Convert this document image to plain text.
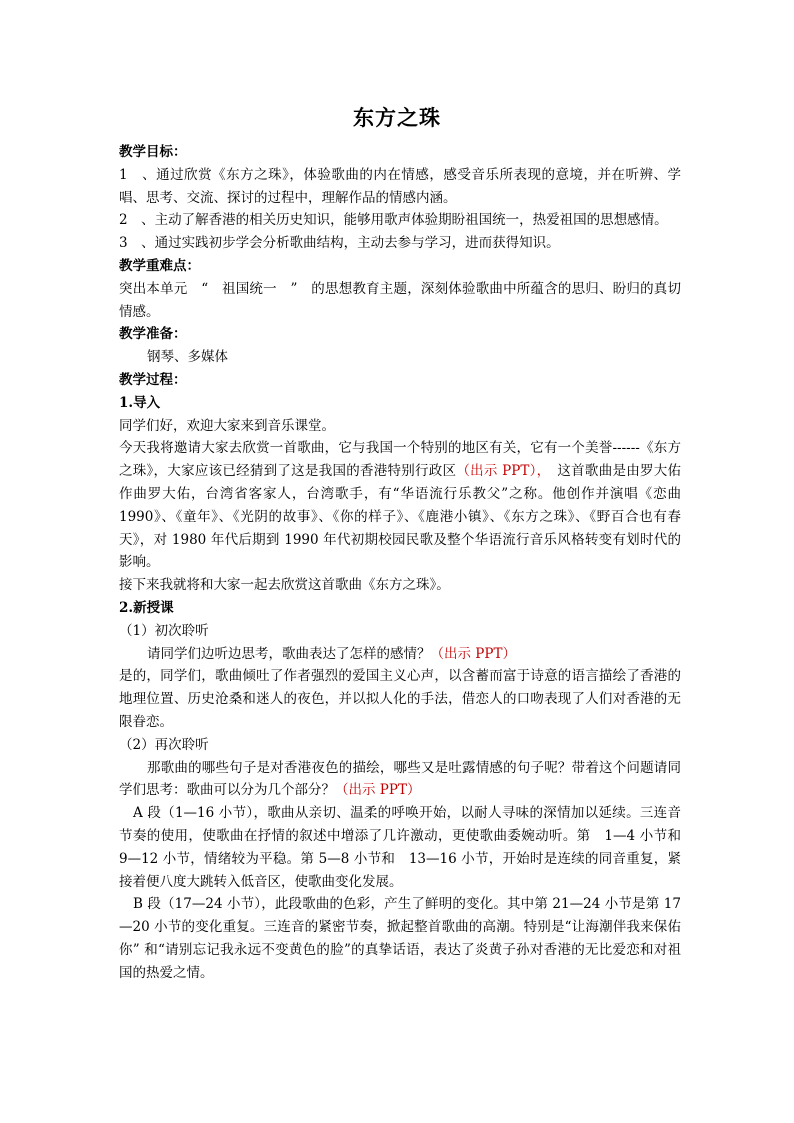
东方之珠

教学目标：

1　、通过欣赏《东方之珠》，体验歌曲的内在情感，感受音乐所表现的意境，并在听辨、学唱、思考、交流、探讨的过程中，理解作品的情感内涵。

2　、主动了解香港的相关历史知识，能够用歌声体验期盼祖国统一，热爱祖国的思想感情。

3　、通过实践初步学会分析歌曲结构，主动去参与学习，进而获得知识。

教学重难点：

突出本单元　“　祖国统一　”　的思想教育主题，深刻体验歌曲中所蕴含的思归、盼归的真切情感。

教学准备：

钢琴、多媒体

教学过程：

1.导入

同学们好，欢迎大家来到音乐课堂。

今天我将邀请大家去欣赏一首歌曲，它与我国一个特别的地区有关，它有一个美誉------《东方之珠》，大家应该已经猜到了这是我国的香港特别行政区（出示 PPT），　这首歌曲是由罗大佑作曲罗大佑，台湾省客家人，台湾歌手，有“华语流行乐教父”之称。他创作并演唱《恋曲 1990》、《童年》、《光阴的故事》、《你的样子》、《鹿港小镇》、《东方之珠》、《野百合也有春天》，对 1980 年代后期到 1990 年代初期校园民歌及整个华语流行音乐风格转变有划时代的影响。

接下来我就将和大家一起去欣赏这首歌曲《东方之珠》。

2.新授课

（1）初次聆听

请同学们边听边思考，歌曲表达了怎样的感情？（出示 PPT）

是的，同学们，歌曲倾吐了作者强烈的爱国主义心声，以含蓄而富于诗意的语言描绘了香港的地理位置、历史沧桑和迷人的夜色，并以拟人化的手法，借恋人的口吻表现了人们对香港的无限眷恋。

（2）再次聆听

那歌曲的哪些句子是对香港夜色的描绘，哪些又是吐露情感的句子呢？带着这个问题请同学们思考：歌曲可以分为几个部分？（出示 PPT）

A 段（1—16 小节），歌曲从亲切、温柔的呼唤开始，以耐人寻味的深情加以延续。三连音节奏的使用，使歌曲在抒情的叙述中增添了几许激动，更使歌曲委婉动听。第　1—4 小节和　9—12 小节，情绪较为平稳。第 5—8 小节和　13—16 小节，开始时是连续的同音重复，紧接着便八度大跳转入低音区，使歌曲变化发展。

B 段（17—24 小节），此段歌曲的色彩，产生了鲜明的变化。其中第 21—24 小节是第 17—20 小节的变化重复。三连音的紧密节奏，掀起整首歌曲的高潮。特别是“让海潮伴我来保佑你” 和“请别忘记我永远不变黄色的脸”的真挚话语，表达了炎黄子孙对香港的无比爱恋和对祖国的热爱之情。
